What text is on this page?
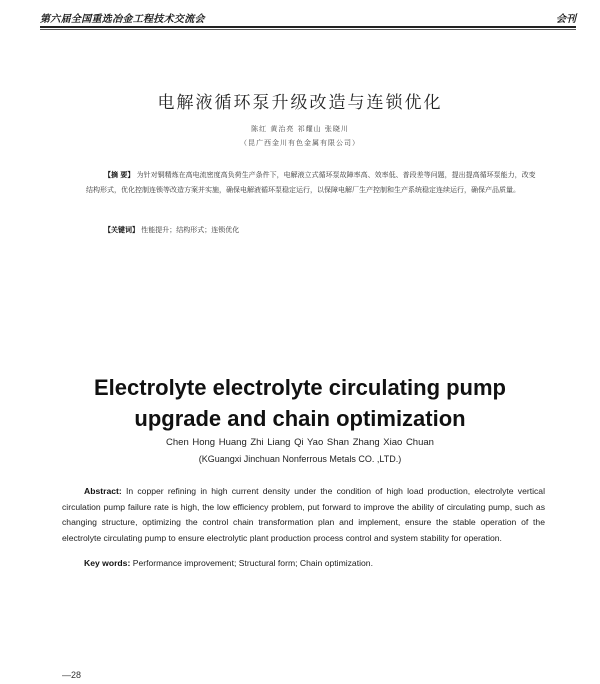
第六届全国重选冶金工程技术交流会	会刊
电解液循环泵升级改造与连锁优化
陈红 黄治亮 祁耀山 张晓川
（昆广西金川有色金属有限公司）
【摘 要】 为针对铜精炼在高电流密度高负荷生产条件下，电解液立式循环泵故障率高、效率低、普段差等问题，提出提高循环泵能力，改变结构形式，优化控制连锁等改造方案并实施，确保电解液循环泵稳定运行，以保障电解厂生产控制和生产系统稳定连续运行，确保产品质量。
【关键词】 性能提升；结构形式；连锁优化
Electrolyte electrolyte circulating pump
upgrade and chain optimization
Chen Hong Huang Zhi Liang Qi Yao Shan Zhang Xiao Chuan
(KGuangxi Jinchuan Nonferrous Metals CO. ,LTD.)
Abstract: In copper refining in high current density under the condition of high load production, electrolyte vertical circulation pump failure rate is high, the low efficiency problem, put forward to improve the ability of circulating pump, such as changing structure, optimizing the control chain transformation plan and implement, ensure the stable operation of the electrolyte circulating pump to ensure electrolytic plant production process control and system stability for operation.
Key words: Performance improvement; Structural form; Chain optimization.
—28
